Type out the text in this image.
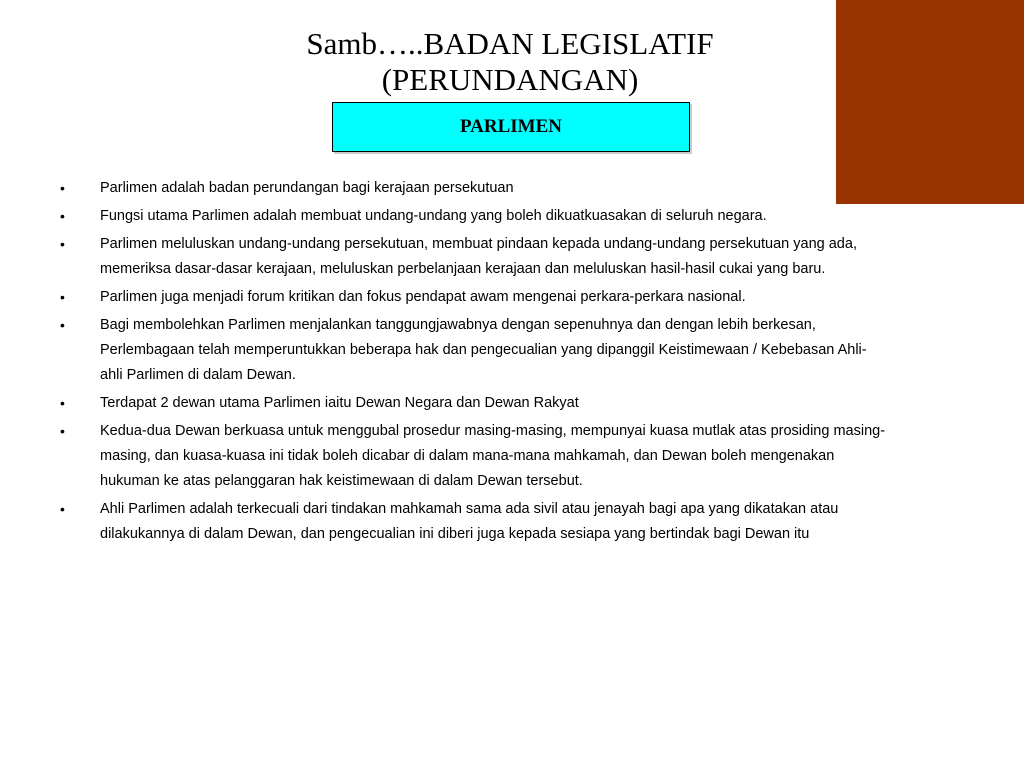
Samb…..BADAN LEGISLATIF
(PERUNDANGAN)
PARLIMEN
• Parlimen adalah badan perundangan bagi kerajaan persekutuan
• Fungsi utama Parlimen adalah membuat undang-undang yang boleh dikuatkuasakan di seluruh negara.
• Parlimen meluluskan undang-undang persekutuan, membuat pindaan kepada undang-undang persekutuan yang ada, memeriksa dasar-dasar kerajaan, meluluskan perbelanjaan kerajaan dan meluluskan hasil-hasil cukai yang baru.
• Parlimen juga menjadi forum kritikan dan fokus pendapat awam mengenai perkara-perkara nasional.
• Bagi membolehkan Parlimen menjalankan tanggungjawabnya dengan sepenuhnya dan dengan lebih berkesan, Perlembagaan telah memperuntukkan beberapa hak dan pengecualian yang dipanggil Keistimewaan / Kebebasan Ahli-ahli Parlimen di dalam Dewan.
• Terdapat 2 dewan utama Parlimen iaitu Dewan Negara dan Dewan Rakyat
• Kedua-dua Dewan berkuasa untuk menggubal prosedur masing-masing, mempunyai kuasa mutlak atas prosiding masing-masing, dan kuasa-kuasa ini tidak boleh dicabar di dalam mana-mana mahkamah, dan Dewan boleh mengenakan hukuman ke atas pelanggaran hak keistimewaan di dalam Dewan tersebut.
• Ahli Parlimen adalah terkecuali dari tindakan mahkamah sama ada sivil atau jenayah bagi apa yang dikatakan atau dilakukannya di dalam Dewan, dan pengecualian ini diberi juga kepada sesiapa yang bertindak bagi Dewan itu
